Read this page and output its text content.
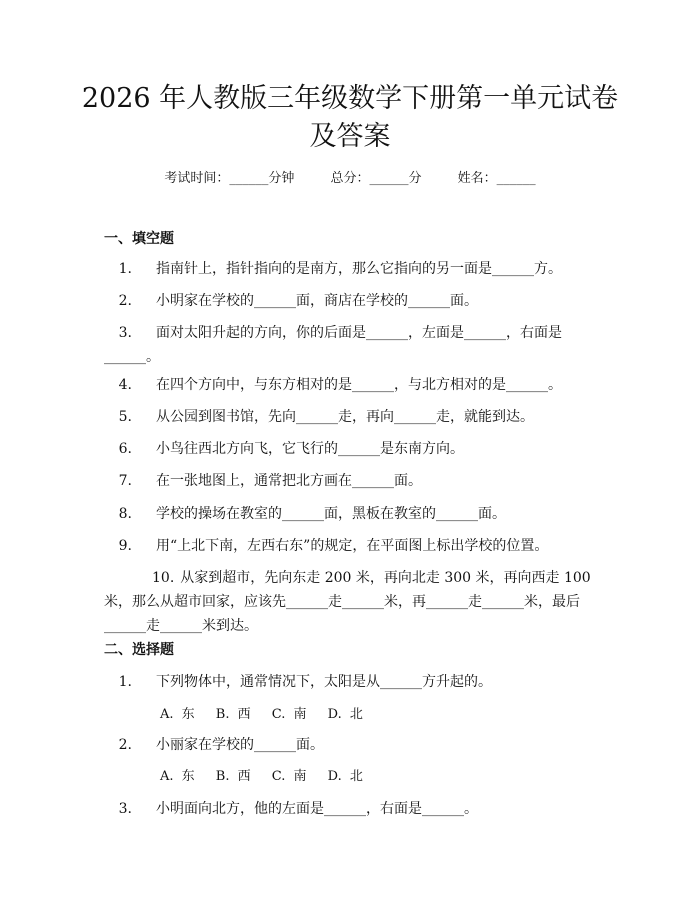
2026 年人教版三年级数学下册第一单元试卷
及答案
考试时间：______分钟	总分：______分	姓名：______
一、填空题
1. 指南针上，指针指向的是南方，那么它指向的另一面是______方。
2. 小明家在学校的______面，商店在学校的______面。
3. 面对太阳升起的方向，你的后面是______，左面是______，右面是______。
4. 在四个方向中，与东方相对的是______，与北方相对的是______。
5. 从公园到图书馆，先向______走，再向______走，就能到达。
6. 小鸟往西北方向飞，它飞行的______是东南方向。
7. 在一张地图上，通常把北方画在______面。
8. 学校的操场在教室的______面，黑板在教室的______面。
9. 用“上北下南，左西右东”的规定，在平面图上标出学校的位置。
10. 从家到超市，先向东走 200 米，再向北走 300 米，再向西走 100 米，那么从超市回家，应该先______走______米，再______走______米，最后______走______米到达。
二、选择题
1. 下列物体中，通常情况下，太阳是从______方升起的。
A. 东　 B. 西　 C. 南　 D. 北
2. 小丽家在学校的______面。
A. 东　 B. 西　 C. 南　 D. 北
3. 小明面向北方，他的左面是______，右面是______。
